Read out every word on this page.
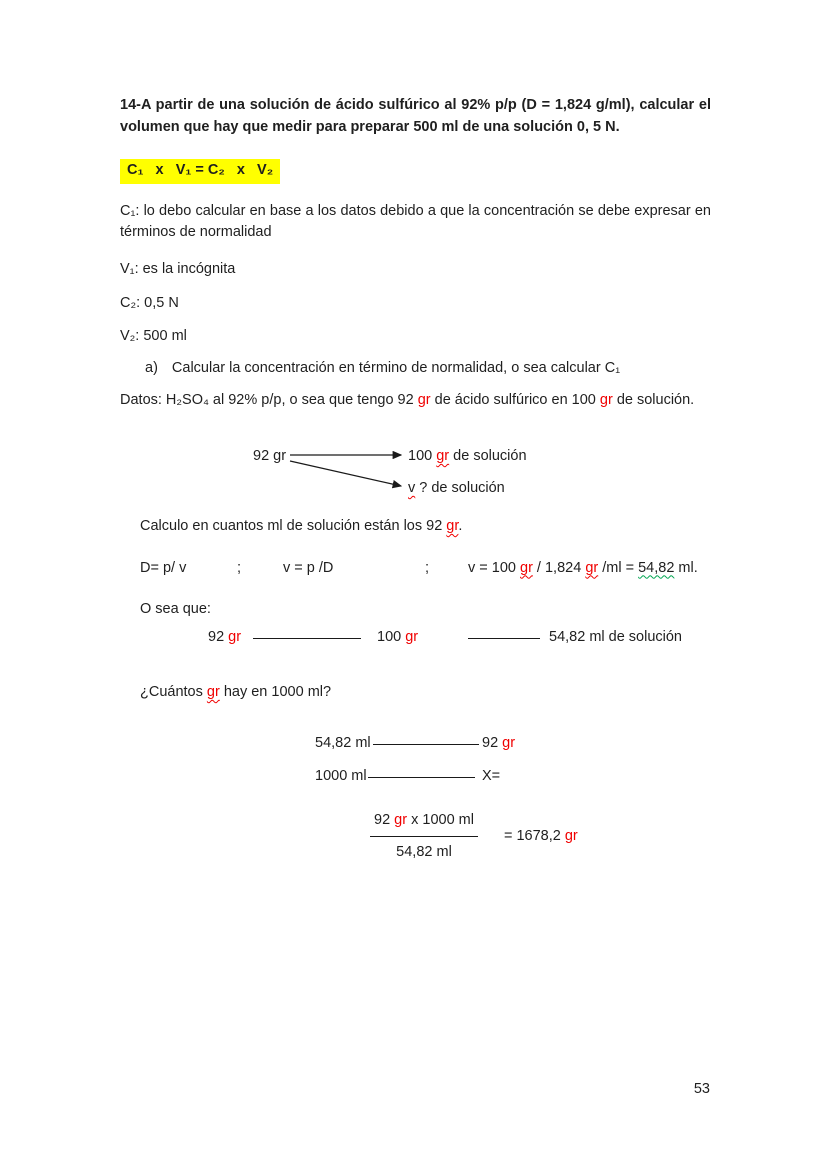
14-A partir de una solución de ácido sulfúrico al 92% p/p (D = 1,824 g/ml), calcular el volumen que hay que medir para preparar 500 ml de una solución 0, 5 N.

C₁   x   V₁ = C₂   x   V₂

C₁: lo debo calcular en base a los datos debido a que la concentración se debe expresar en términos de normalidad

V₁: es la incógnita

C₂: 0,5 N

V₂: 500 ml

a) Calcular la concentración en término de normalidad, o sea calcular C₁

Datos: H₂SO₄ al 92% p/p, o sea que tengo 92 gr de ácido sulfúrico en 100 gr de solución.

92 gr	100 gr de solución
v ? de solución

Calculo en cuantos ml de solución están los 92 gr.

D= p/ v	;	v = p /D	;	v = 100 gr / 1,824 gr /ml = 54,82 ml.

O sea que:

92 gr	100 gr	54,82 ml de solución

¿Cuántos gr hay en 1000 ml?

54,82 ml	92 gr
1000 ml	X=
$\frac{\text{92 gr x 1000 ml}}{54,82 ml} = 1678,2$ gr
53
